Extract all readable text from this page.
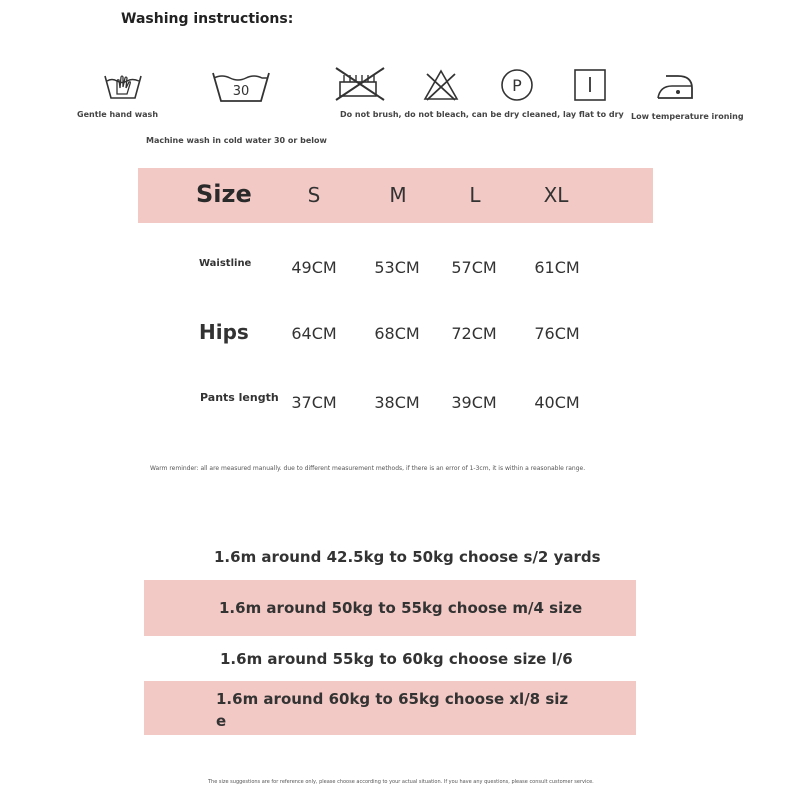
Washing instructions:
Gentle hand wash
30
Machine wash in cold water 30 or below
P
Do not brush, do not bleach, can be dry cleaned, lay flat to dry Low temperature ironing
Size	S	M	L	XL
Waistline	49CM	53CM	57CM	61CM
Hips	64CM	68CM	72CM	76CM
Pants length 37CM	38CM	39CM	40CM
Warm reminder: all are measured manually. due to different measurement methods, if there is an error of 1-3cm, it is within a reasonable range.
1.6m around 42.5kg to 50kg choose s/2 yards
1.6m around 50kg to 55kg choose m/4 size
1.6m around 55kg to 60kg choose size l/6
1.6m around 60kg to 65kg choose xl/8 size
The size suggestions are for reference only, please choose according to your actual situation. If you have any questions, please consult customer service.
